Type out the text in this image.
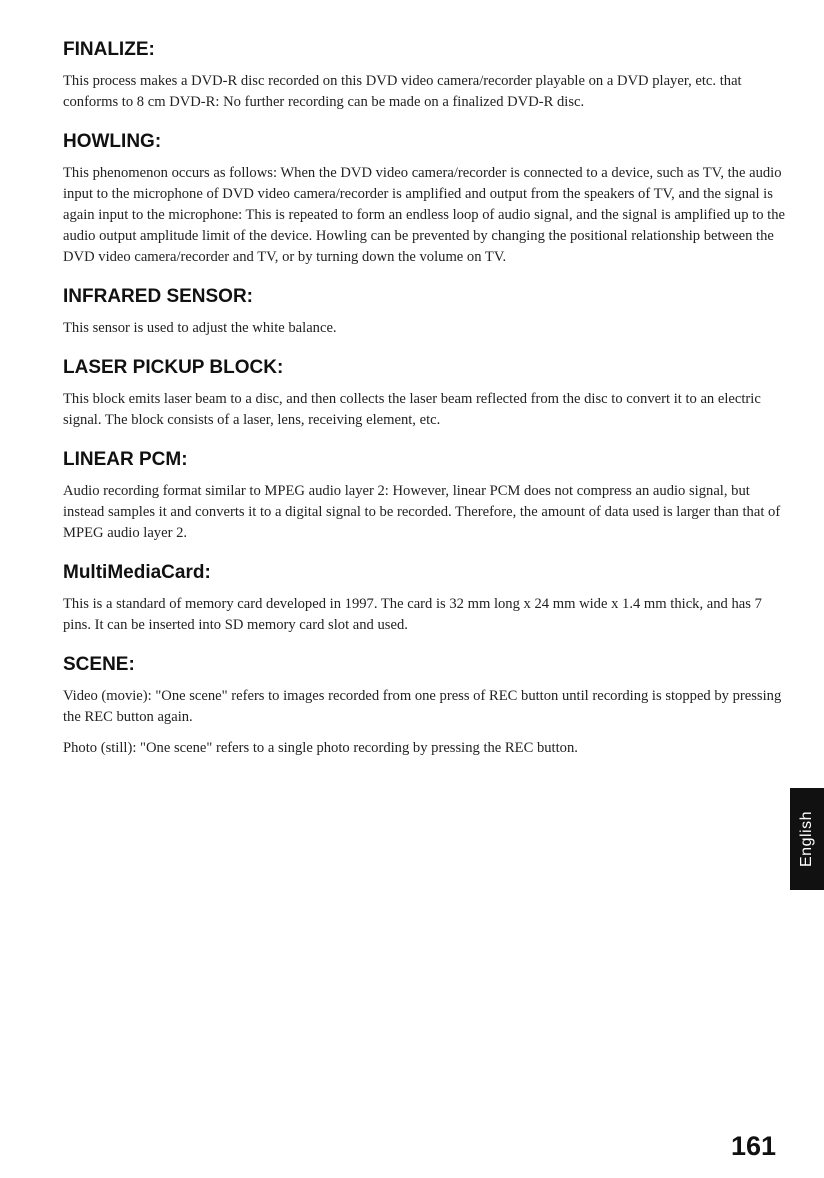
FINALIZE:

This process makes a DVD-R disc recorded on this DVD video camera/recorder playable on a DVD player, etc. that conforms to 8 cm DVD-R: No further recording can be made on a finalized DVD-R disc.

HOWLING:

This phenomenon occurs as follows: When the DVD video camera/recorder is connected to a device, such as TV, the audio input to the microphone of DVD video camera/recorder is amplified and output from the speakers of TV, and the signal is again input to the microphone: This is repeated to form an endless loop of audio signal, and the signal is amplified up to the audio output amplitude limit of the device. Howling can be prevented by changing the positional relationship between the DVD video camera/recorder and TV, or by turning down the volume on TV.

INFRARED SENSOR:

This sensor is used to adjust the white balance.

LASER PICKUP BLOCK:

This block emits laser beam to a disc, and then collects the laser beam reflected from the disc to convert it to an electric signal. The block consists of a laser, lens, receiving element, etc.

LINEAR PCM:

Audio recording format similar to MPEG audio layer 2: However, linear PCM does not compress an audio signal, but instead samples it and converts it to a digital signal to be recorded. Therefore, the amount of data used is larger than that of MPEG audio layer 2.

MultiMediaCard:

This is a standard of memory card developed in 1997. The card is 32 mm long x 24 mm wide x 1.4 mm thick, and has 7 pins. It can be inserted into SD memory card slot and used.

SCENE:

Video (movie): "One scene" refers to images recorded from one press of REC button until recording is stopped by pressing the REC button again.

Photo (still): "One scene" refers to a single photo recording by pressing the REC button.

English
161
